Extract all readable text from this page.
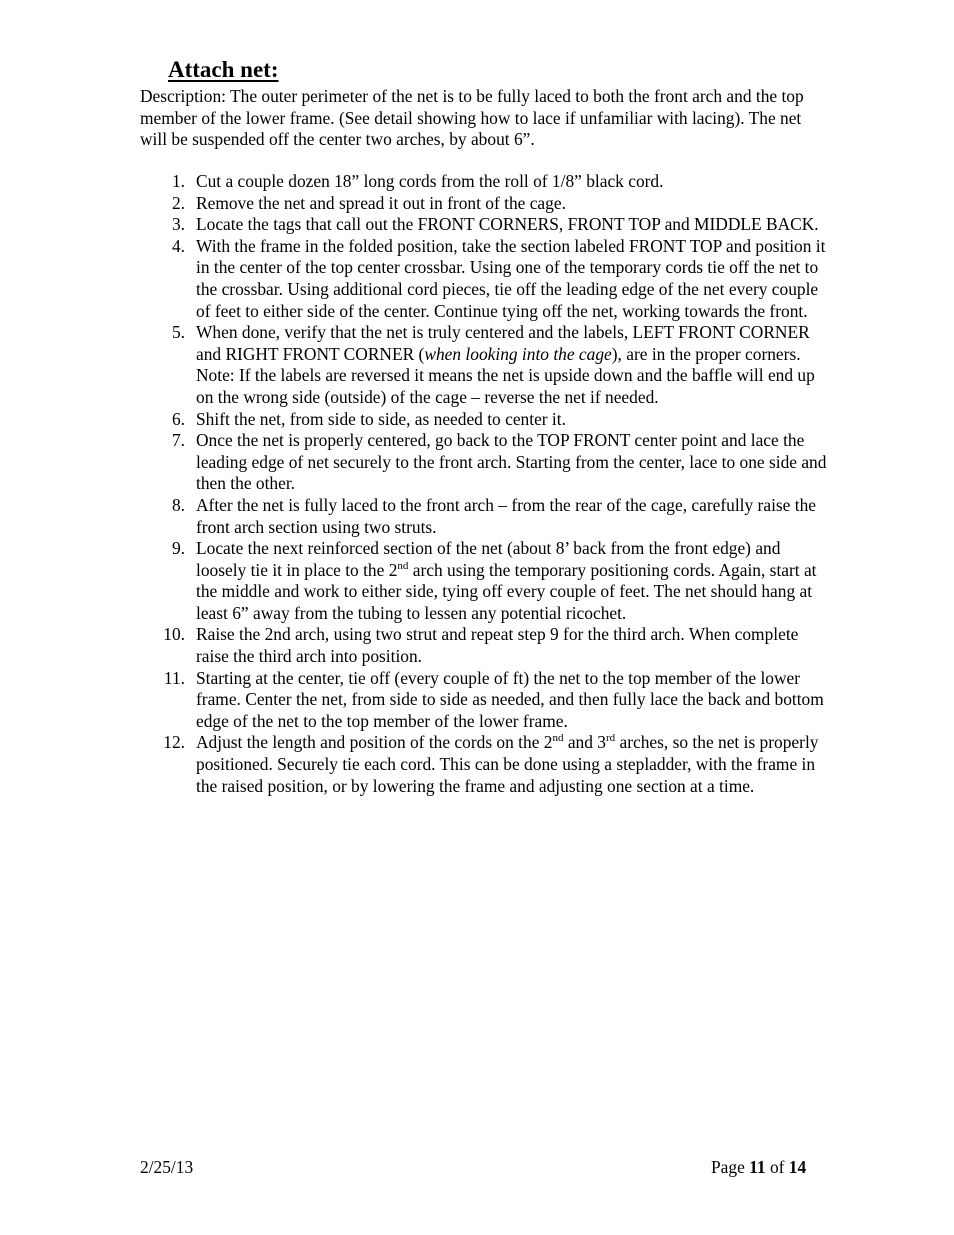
Attach net:

Description: The outer perimeter of the net is to be fully laced to both the front arch and the top member of the lower frame. (See detail showing how to lace if unfamiliar with lacing). The net will be suspended off the center two arches, by about 6”.

1. Cut a couple dozen 18” long cords from the roll of 1/8” black cord.
2. Remove the net and spread it out in front of the cage.
3. Locate the tags that call out the FRONT CORNERS, FRONT TOP and MIDDLE BACK.
4. With the frame in the folded position, take the section labeled FRONT TOP and position it in the center of the top center crossbar. Using one of the temporary cords tie off the net to the crossbar. Using additional cord pieces, tie off the leading edge of the net every couple of feet to either side of the center. Continue tying off the net, working towards the front.
5. When done, verify that the net is truly centered and the labels, LEFT FRONT CORNER and RIGHT FRONT CORNER (when looking into the cage), are in the proper corners. Note: If the labels are reversed it means the net is upside down and the baffle will end up on the wrong side (outside) of the cage – reverse the net if needed.
6. Shift the net, from side to side, as needed to center it.
7. Once the net is properly centered, go back to the TOP FRONT center point and lace the leading edge of net securely to the front arch. Starting from the center, lace to one side and then the other.
8. After the net is fully laced to the front arch – from the rear of the cage, carefully raise the front arch section using two struts.
9. Locate the next reinforced section of the net (about 8’ back from the front edge) and loosely tie it in place to the 2nd arch using the temporary positioning cords. Again, start at the middle and work to either side, tying off every couple of feet. The net should hang at least 6” away from the tubing to lessen any potential ricochet.
10. Raise the 2nd arch, using two strut and repeat step 9 for the third arch. When complete raise the third arch into position.
11. Starting at the center, tie off (every couple of ft) the net to the top member of the lower frame. Center the net, from side to side as needed, and then fully lace the back and bottom edge of the net to the top member of the lower frame.
12. Adjust the length and position of the cords on the 2nd and 3rd arches, so the net is properly positioned. Securely tie each cord. This can be done using a stepladder, with the frame in the raised position, or by lowering the frame and adjusting one section at a time.
2/25/13	Page 11 of 14
